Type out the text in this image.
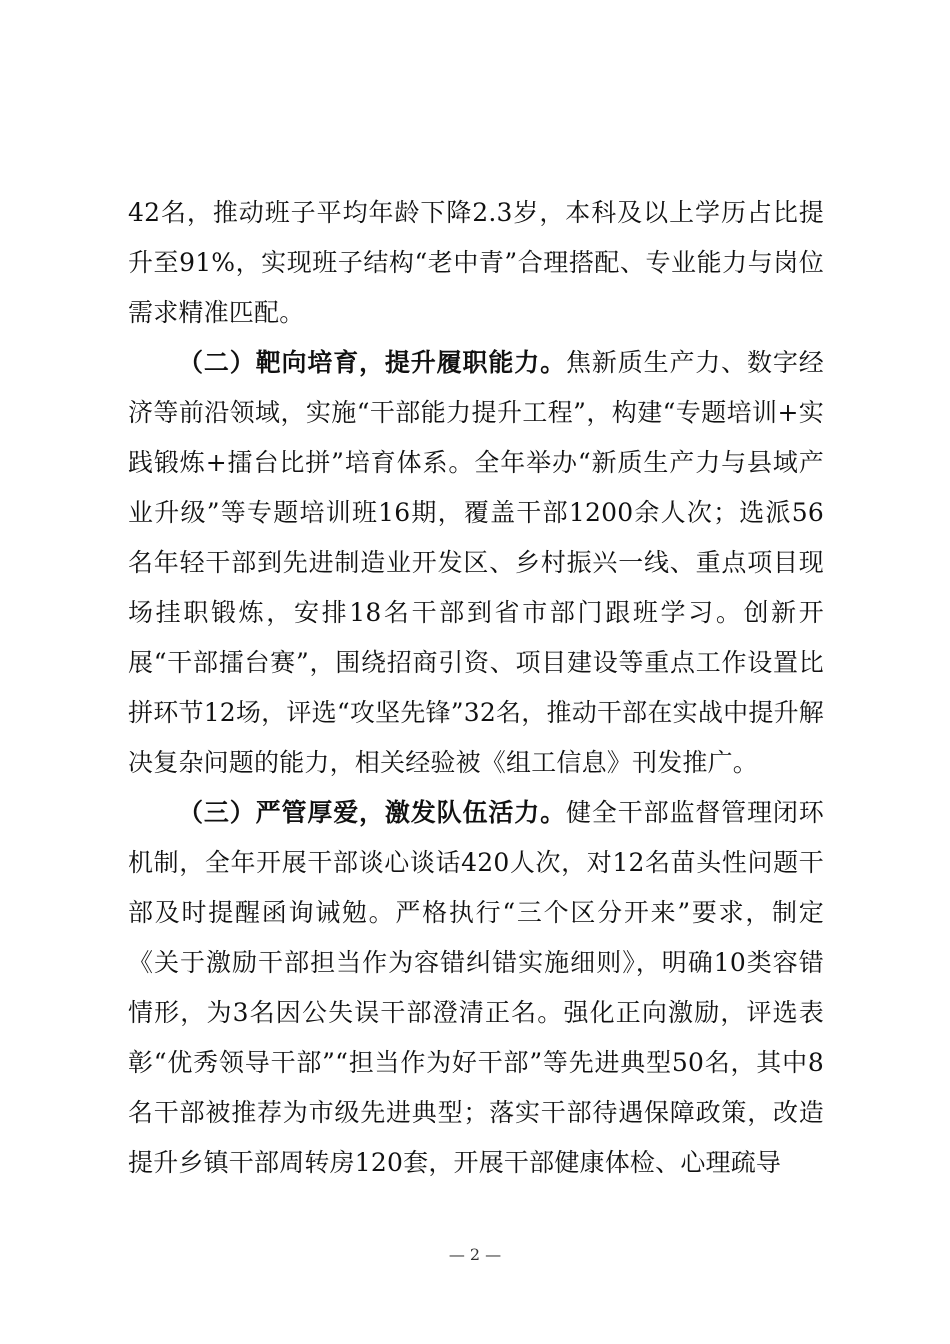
42名，推动班子平均年龄下降2.3岁，本科及以上学历占比提升至91%，实现班子结构“老中青”合理搭配、专业能力与岗位需求精准匹配。

（二）靶向培育，提升履职能力。焦新质生产力、数字经济等前沿领域，实施“干部能力提升工程”，构建“专题培训+实践锻炼+擂台比拼”培育体系。全年举办“新质生产力与县域产业升级”等专题培训班16期，覆盖干部1200余人次；选派56名年轻干部到先进制造业开发区、乡村振兴一线、重点项目现场挂职锻炼，安排18名干部到省市部门跟班学习。创新开展“干部擂台赛”，围绕招商引资、项目建设等重点工作设置比拼环节12场，评选“攻坚先锋”32名，推动干部在实战中提升解决复杂问题的能力，相关经验被《组工信息》刊发推广。

（三）严管厚爱，激发队伍活力。健全干部监督管理闭环机制，全年开展干部谈心谈话420人次，对12名苗头性问题干部及时提醒函询诫勉。严格执行“三个区分开来”要求，制定《关于激励干部担当作为容错纠错实施细则》，明确10类容错情形，为3名因公失误干部澄清正名。强化正向激励，评选表彰“优秀领导干部”“担当作为好干部”等先进典型50名，其中8名干部被推荐为市级先进典型；落实干部待遇保障政策，改造提升乡镇干部周转房120套，开展干部健康体检、心理疏导

— 2 —
